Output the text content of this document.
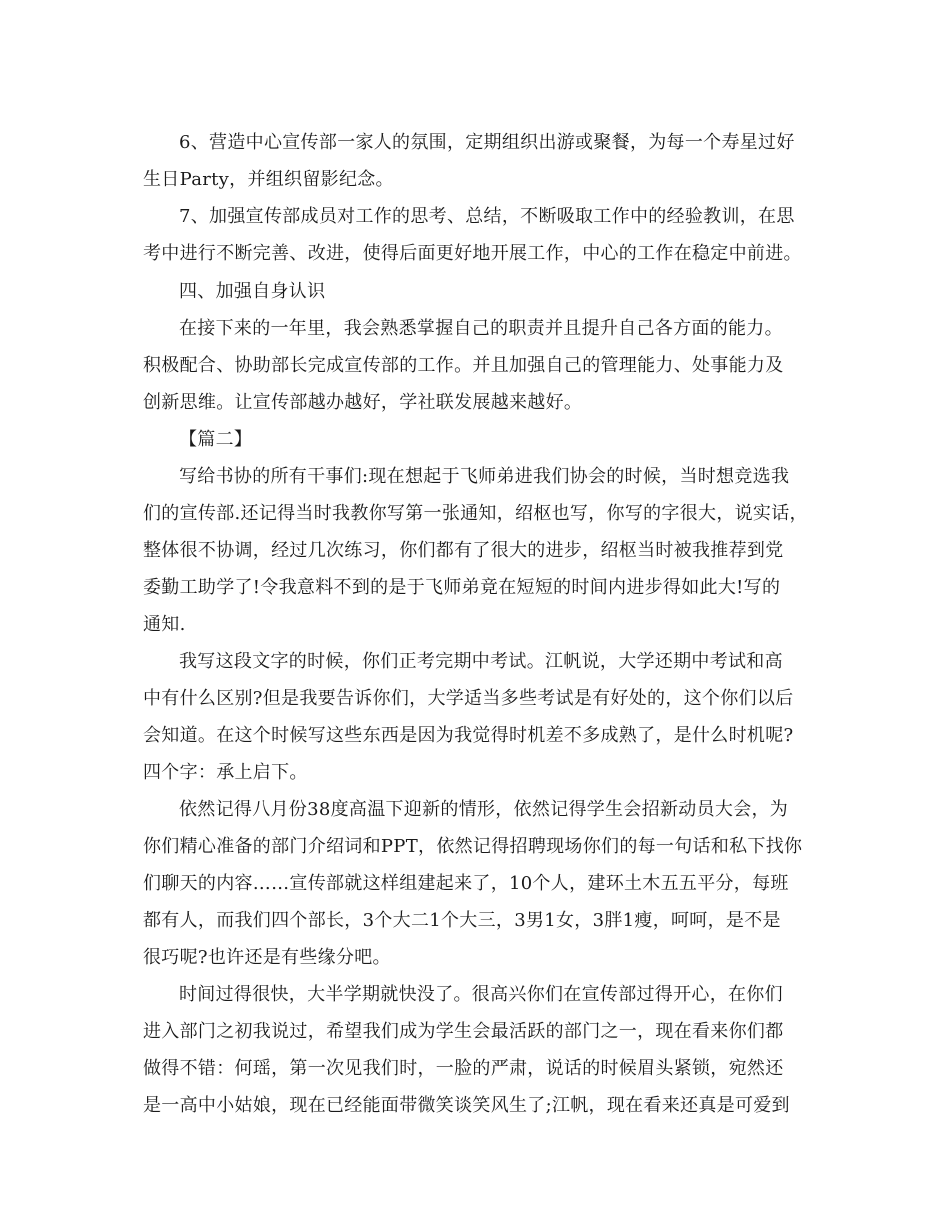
6、营造中心宣传部一家人的氛围，定期组织出游或聚餐，为每一个寿星过好
生日Party，并组织留影纪念。
7、加强宣传部成员对工作的思考、总结，不断吸取工作中的经验教训，在思
考中进行不断完善、改进，使得后面更好地开展工作，中心的工作在稳定中前进。
四、加强自身认识
在接下来的一年里，我会熟悉掌握自己的职责并且提升自己各方面的能力。
积极配合、协助部长完成宣传部的工作。并且加强自己的管理能力、处事能力及
创新思维。让宣传部越办越好，学社联发展越来越好。
【篇二】
写给书协的所有干事们:现在想起于飞师弟进我们协会的时候，当时想竞选我
们的宣传部.还记得当时我教你写第一张通知，绍枢也写，你写的字很大，说实话，
整体很不协调，经过几次练习，你们都有了很大的进步，绍枢当时被我推荐到党
委勤工助学了!令我意料不到的是于飞师弟竟在短短的时间内进步得如此大!写的
通知.
我写这段文字的时候，你们正考完期中考试。江帆说，大学还期中考试和高
中有什么区别?但是我要告诉你们，大学适当多些考试是有好处的，这个你们以后
会知道。在这个时候写这些东西是因为我觉得时机差不多成熟了，是什么时机呢?
四个字：承上启下。
依然记得八月份38度高温下迎新的情形，依然记得学生会招新动员大会，为
你们精心准备的部门介绍词和PPT，依然记得招聘现场你们的每一句话和私下找你
们聊天的内容……宣传部就这样组建起来了，10个人，建环土木五五平分，每班
都有人，而我们四个部长，3个大二1个大三，3男1女，3胖1瘦，呵呵，是不是
很巧呢?也许还是有些缘分吧。
时间过得很快，大半学期就快没了。很高兴你们在宣传部过得开心，在你们
进入部门之初我说过，希望我们成为学生会最活跃的部门之一，现在看来你们都
做得不错：何瑶，第一次见我们时，一脸的严肃，说话的时候眉头紧锁，宛然还
是一高中小姑娘，现在已经能面带微笑谈笑风生了;江帆，现在看来还真是可爱到
